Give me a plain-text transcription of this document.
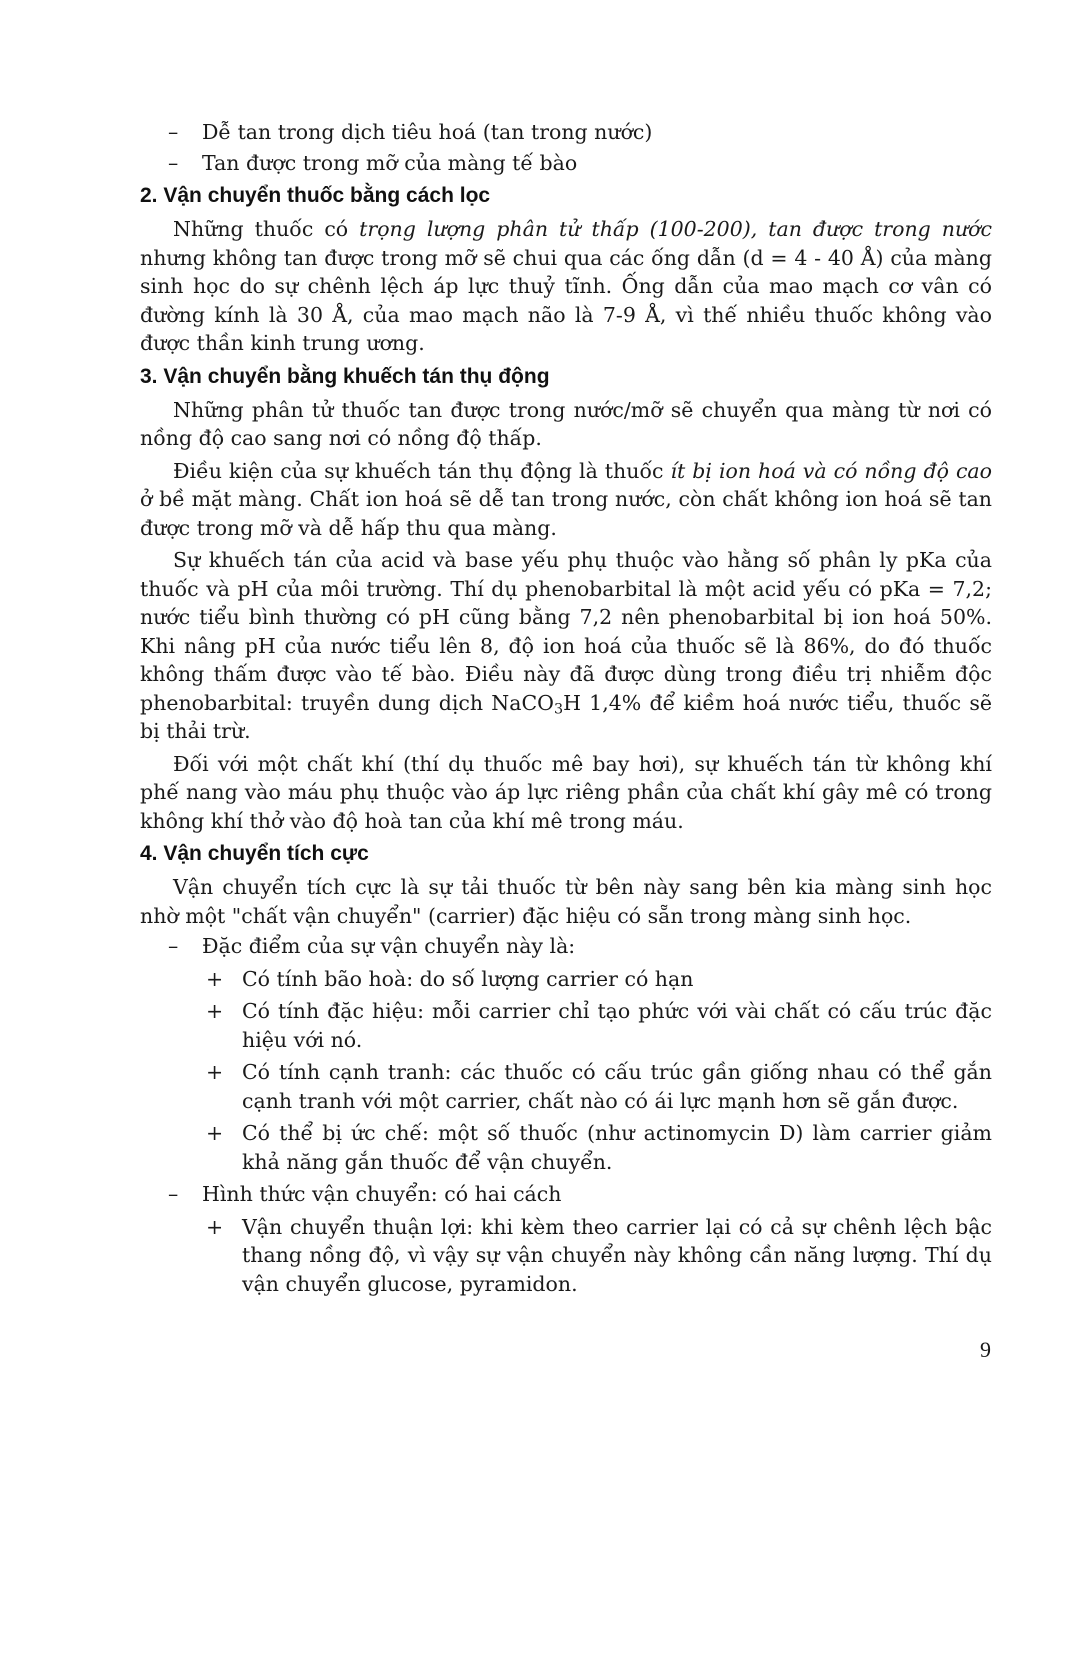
– Dễ tan trong dịch tiêu hoá (tan trong nước)
– Tan được trong mỡ của màng tế bào
2. Vận chuyển thuốc bằng cách lọc

Những thuốc có trọng lượng phân tử thấp (100-200), tan được trong nước nhưng không tan được trong mỡ sẽ chui qua các ống dẫn (d = 4 - 40 Å) của màng sinh học do sự chênh lệch áp lực thuỷ tĩnh. Ống dẫn của mao mạch cơ vân có đường kính là 30 Å, của mao mạch não là 7-9 Å, vì thế nhiều thuốc không vào được thần kinh trung ương.

3. Vận chuyển bằng khuếch tán thụ động

Những phân tử thuốc tan được trong nước/mỡ sẽ chuyển qua màng từ nơi có nồng độ cao sang nơi có nồng độ thấp.

Điều kiện của sự khuếch tán thụ động là thuốc ít bị ion hoá và có nồng độ cao ở bề mặt màng. Chất ion hoá sẽ dễ tan trong nước, còn chất không ion hoá sẽ tan được trong mỡ và dễ hấp thu qua màng.

Sự khuếch tán của acid và base yếu phụ thuộc vào hằng số phân ly pKa của thuốc và pH của môi trường. Thí dụ phenobarbital là một acid yếu có pKa = 7,2; nước tiểu bình thường có pH cũng bằng 7,2 nên phenobarbital bị ion hoá 50%. Khi nâng pH của nước tiểu lên 8, độ ion hoá của thuốc sẽ là 86%, do đó thuốc không thấm được vào tế bào. Điều này đã được dùng trong điều trị nhiễm độc phenobarbital: truyền dung dịch NaCO$_3$H 1,4% để kiềm hoá nước tiểu, thuốc sẽ bị thải trừ.

Đối với một chất khí (thí dụ thuốc mê bay hơi), sự khuếch tán từ không khí phế nang vào máu phụ thuộc vào áp lực riêng phần của chất khí gây mê có trong không khí thở vào độ hoà tan của khí mê trong máu.

4. Vận chuyển tích cực

Vận chuyển tích cực là sự tải thuốc từ bên này sang bên kia màng sinh học nhờ một "chất vận chuyển" (carrier) đặc hiệu có sẵn trong màng sinh học.

– Đặc điểm của sự vận chuyển này là:
+ Có tính bão hoà: do số lượng carrier có hạn
+ Có tính đặc hiệu: mỗi carrier chỉ tạo phức với vài chất có cấu trúc đặc hiệu với nó.
+ Có tính cạnh tranh: các thuốc có cấu trúc gần giống nhau có thể gắn cạnh tranh với một carrier, chất nào có ái lực mạnh hơn sẽ gắn được.
+ Có thể bị ức chế: một số thuốc (như actinomycin D) làm carrier giảm khả năng gắn thuốc để vận chuyển.
– Hình thức vận chuyển: có hai cách
+ Vận chuyển thuận lợi: khi kèm theo carrier lại có cả sự chênh lệch bậc thang nồng độ, vì vậy sự vận chuyển này không cần năng lượng. Thí dụ vận chuyển glucose, pyramidon.
9
